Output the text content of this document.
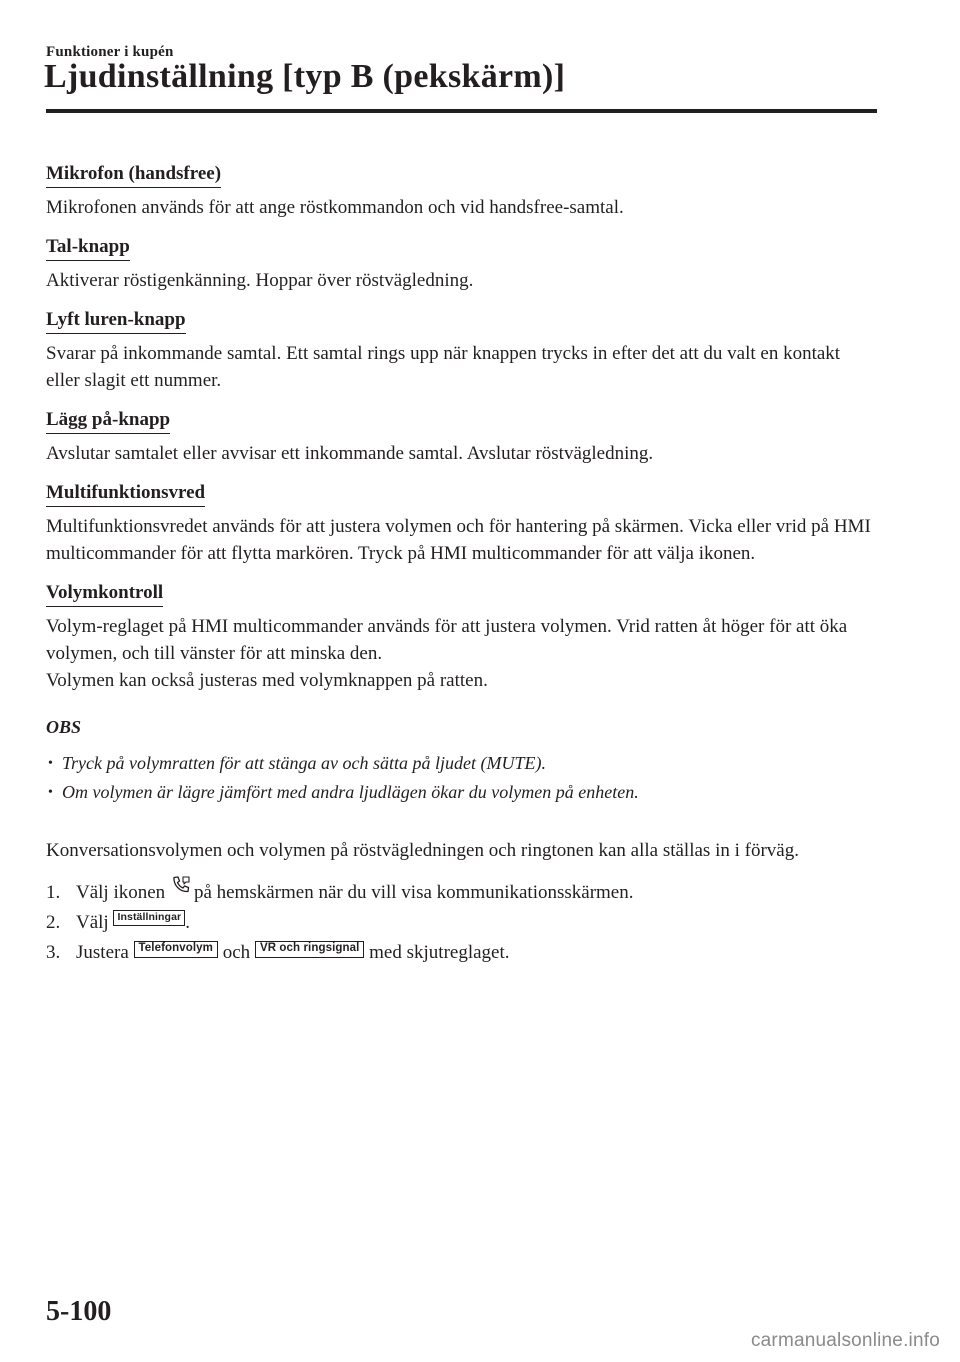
Funktioner i kupén
Ljudinställning [typ B (pekskärm)]
Mikrofon (handsfree)

Mikrofonen används för att ange röstkommandon och vid handsfree-samtal.

Tal-knapp

Aktiverar röstigenkänning. Hoppar över röstvägledning.

Lyft luren-knapp

Svarar på inkommande samtal. Ett samtal rings upp när knappen trycks in efter det att du valt en kontakt eller slagit ett nummer.

Lägg på-knapp

Avslutar samtalet eller avvisar ett inkommande samtal. Avslutar röstvägledning.

Multifunktionsvred

Multifunktionsvredet används för att justera volymen och för hantering på skärmen. Vicka eller vrid på HMI multicommander för att flytta markören. Tryck på HMI multicommander för att välja ikonen.

Volymkontroll

Volym-reglaget på HMI multicommander används för att justera volymen. Vrid ratten åt höger för att öka volymen, och till vänster för att minska den.

Volymen kan också justeras med volymknappen på ratten.

OBS
• Tryck på volymratten för att stänga av och sätta på ljudet (MUTE).
• Om volymen är lägre jämfört med andra ljudlägen ökar du volymen på enheten.

Konversationsvolymen och volymen på röstvägledningen och ringtonen kan alla ställas in i förväg.

1. Välj ikonen på hemskärmen när du vill visa kommunikationsskärmen.
2. Välj Inställningar .
3. Justera Telefonvolym och VR och ringsignal med skjutreglaget.
5-100
carmanualsonline.info
